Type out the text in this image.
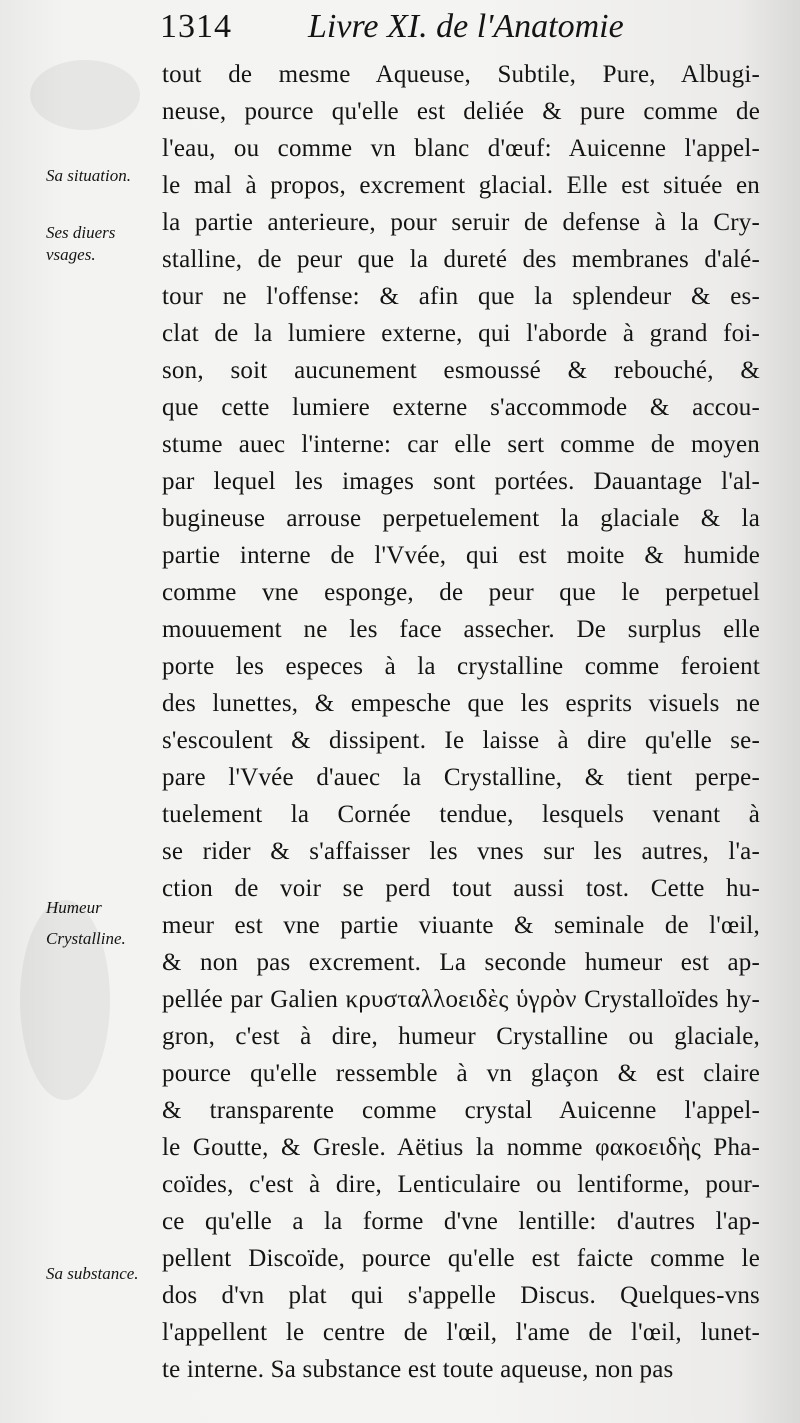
1314 Livre XI. de l'Anatomie
Sa situation.
Ses diuers
vsages.
Humeur
Crystalline.
Sa substance.
tout de mesme Aqueuse, Subtile, Pure, Albugi-
neuse, pource qu'elle est deliée & pure comme de
l'eau, ou comme vn blanc d'œuf: Auicenne l'appel-
le mal à propos, excrement glacial. Elle est située en
la partie anterieure, pour seruir de defense à la Cry-
stalline, de peur que la dureté des membranes d'alé-
tour ne l'offense: & afin que la splendeur & es-
clat de la lumiere externe, qui l'aborde à grand foi-
son, soit aucunement esmoussé & rebouché, &
que cette lumiere externe s'accommode & accou-
stume auec l'interne: car elle sert comme de moyen
par lequel les images sont portées. Dauantage l'al-
bugineuse arrouse perpetuelement la glaciale & la
partie interne de l'Vvée, qui est moite & humide
comme vne esponge, de peur que le perpetuel
mouuement ne les face assecher. De surplus elle
porte les especes à la crystalline comme feroient
des lunettes, & empesche que les esprits visuels ne
s'escoulent & dissipent. Ie laisse à dire qu'elle se-
pare l'Vvée d'auec la Crystalline, & tient perpe-
tuelement la Cornée tendue, lesquels venant à
se rider & s'affaisser les vnes sur les autres, l'a-
ction de voir se perd tout aussi tost. Cette hu-
meur est vne partie viuante & seminale de l'œil,
& non pas excrement. La seconde humeur est ap-
pellée par Galien κρυσταλλοειδὲς ὑγρὸν Crystalloïdes hy-
gron, c'est à dire, humeur Crystalline ou glaciale,
pource qu'elle ressemble à vn glaçon & est claire
& transparente comme crystal Auicenne l'appel-
le Goutte, & Gresle. Aëtius la nomme φακοειδὴς Pha-
coïdes, c'est à dire, Lenticulaire ou lentiforme, pour-
ce qu'elle a la forme d'vne lentille: d'autres l'ap-
pellent Discoïde, pource qu'elle est faicte comme le
dos d'vn plat qui s'appelle Discus. Quelques-vns
l'appellent le centre de l'œil, l'ame de l'œil, lunet-
te interne. Sa substance est toute aqueuse, non pas
